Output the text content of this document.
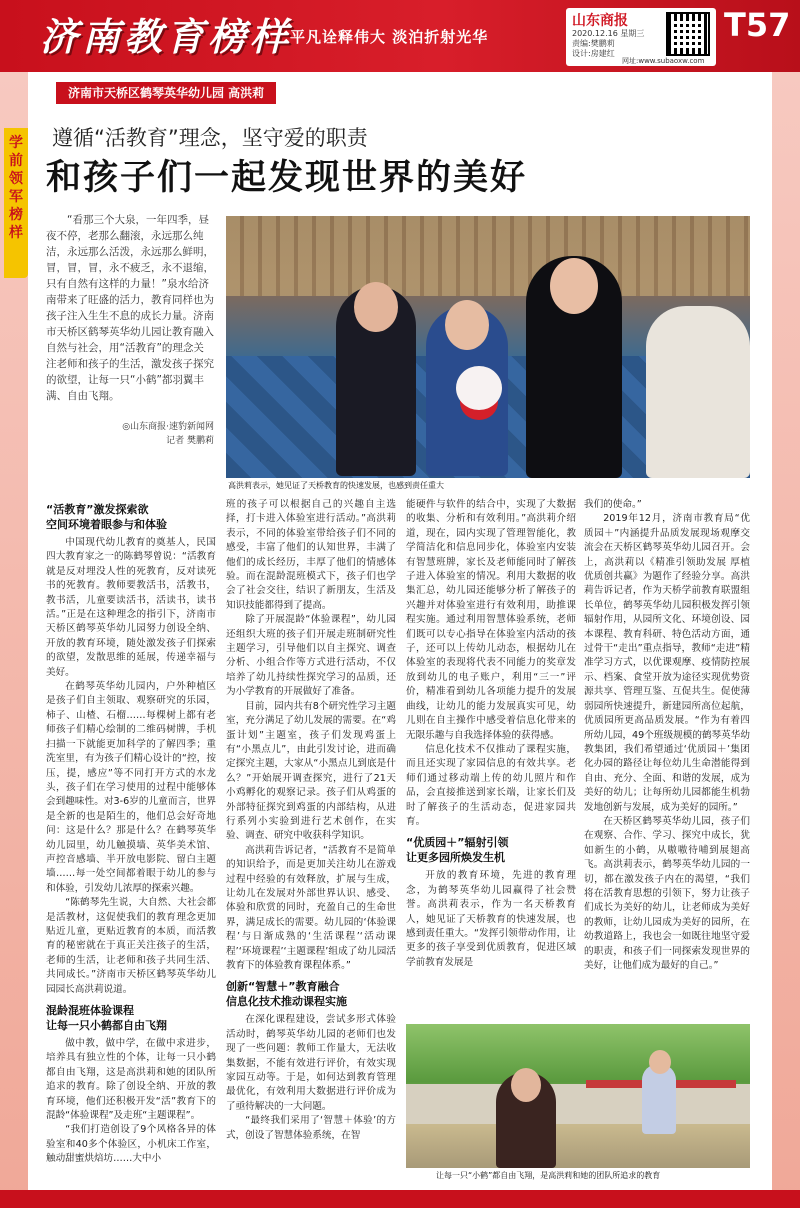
济南教育榜样
平凡诠释伟大 淡泊折射光华
山东商报
2020.12.16 星期三
责编:樊鹏莉
设计:房建红
网址:www.subaoxw.com
T57
学前领军榜样
济南市天桥区鹤琴英华幼儿园 高洪莉
遵循“活教育”理念，坚守爱的职责
和孩子们一起发现世界的美好
“看那三个大泉，一年四季，昼夜不停，老那么翻滚，永远那么纯洁，永远那么活泼，永远那么鲜明，冒，冒，冒，永不疲乏，永不退缩，只有自然有这样的力量！”泉水给济南带来了旺盛的活力，教育同样也为孩子注入生生不息的成长力量。济南市天桥区鹤琴英华幼儿园让教育融入自然与社会，用“活教育”的理念关注老师和孩子的生活，激发孩子探究的欲望，让每一只“小鹤”都羽翼丰满、自由飞翔。
◎山东商报·速豹新闻网
记者 樊鹏莉
高洪莉表示，她见证了天桥教育的快速发展，也感到责任重大
“活教育”激发探索欲
空间环境着眼参与和体验

中国现代幼儿教育的奠基人，民国四大教育家之一的陈鹤琴曾说：“活教育就是反对埋没人性的死教育，反对读死书的死教育。教师要教活书，活教书，教书活，儿童要读活书，活读书，读书活。”正是在这种理念的指引下，济南市天桥区鹤琴英华幼儿园努力创设全纳、开放的教育环境，随处激发孩子们探索的欲望，发散思维的延展，传递幸福与美好。

在鹤琴英华幼儿园内，户外种植区是孩子们自主领取、观察研究的乐园，柿子、山楂、石榴……每棵树上都有老师孩子们精心绘制的二维码树牌，手机扫描一下就能更加科学的了解四季；重洗室里，有为孩子们精心设计的“控，按压，提，感应”等不同打开方式的水龙头，孩子们在学习使用的过程中能够体会到趣味性。对3-6岁的儿童而言，世界是全新的也是陌生的，他们总会好奇地问：这是什么？那是什么？在鹤琴英华幼儿园里，幼儿触摸墙、英华美术馆、声控音感墙、半开放电影院、留白主题墙……每一处空间都着眼于幼儿的参与和体验，引发幼儿浓厚的探索兴趣。

“陈鹤琴先生说，大自然、大社会都是活教材，这促使我们的教育理念更加贴近儿童，更贴近教育的本质，而活教育的秘密就在于真正关注孩子的生活，老师的生活，让老师和孩子共同生活、共同成长。”济南市天桥区鹤琴英华幼儿园园长高洪莉说道。

混龄混班体验课程
让每一只小鹤都自由飞翔

做中教，做中学，在做中求进步，培养具有独立性的个体，让每一只小鹤都自由飞翔，这是高洪莉和她的团队所追求的教育。除了创设全纳、开放的教育环境，他们还积极开发“活”教育下的混龄“体验课程”及走班“主题课程”。

“我们打造创设了9个风格各异的体验室和40多个体验区，小机床工作室，触动甜蜜烘焙坊……大中小

班的孩子可以根据自己的兴趣自主选择，打卡进入体验室进行活动。”高洪莉表示，不同的体验室带给孩子们不同的感受，丰富了他们的认知世界，丰满了他们的成长经历，丰厚了他们的情感体验。而在混龄混班模式下，孩子们也学会了社会交往，结识了新朋友，生活及知识技能都得到了提高。

除了开展混龄“体验课程”，幼儿园还组织大班的孩子们开展走班制研究性主题学习，引导他们以自主探究、调查分析、小组合作等方式进行活动，不仅培养了幼儿持续性探究学习的品质，还为小学教育的开展做好了准备。

目前，园内共有8个研究性学习主题室，充分满足了幼儿发展的需要。在“鸡蛋计划”主题室，孩子们发现鸡蛋上有“小黑点儿”，由此引发讨论，进而确定探究主题，大家从“小黑点儿到底是什么？”开始展开调查探究，进行了21天小鸡孵化的观察记录。孩子们从鸡蛋的外部特征探究到鸡蛋的内部结构，从进行系列小实验到进行艺术创作，在实验、调查、研究中收获科学知识。

高洪莉告诉记者，“活教育不是简单的知识给予，而是更加关注幼儿在游戏过程中经验的有效释放，扩展与生成，让幼儿在发展对外部世界认识、感受、体验和欣赏的同时，充盈自己的生命世界，满足成长的需要。幼儿园的‘体验课程’与日渐成熟的‘生活课程’‘活动课程’‘环境课程’‘主题课程’组成了幼儿园活教育下的体验教育课程体系。”

创新“智慧＋”教育融合
信息化技术推动课程实施

在深化课程建设，尝试多形式体验活动时，鹤琴英华幼儿园的老师们也发现了一些问题：教师工作量大，无法收集数据，不能有效进行评价，有效实现家园互动等。于是，如何达到教育管理最优化，有效利用大数据进行评价成为了亟待解决的一大问题。

“最终我们采用了‘智慧＋体验’的方式，创设了智慧体验系统，在智

能硬件与软件的结合中，实现了大数据的收集、分析和有效利用。”高洪莉介绍道，现在，园内实现了管理智能化，教学简洁化和信息同步化，体验室内安装有智慧班牌，家长及老师能同时了解孩子进入体验室的情况。利用大数据的收集汇总，幼儿园还能够分析了解孩子的兴趣并对体验室进行有效利用，助推课程实施。通过利用智慧体验系统，老师们既可以专心指导在体验室内活动的孩子，还可以上传幼儿动态，根据幼儿在体验室的表现将代表不同能力的奖章发放到幼儿的电子账户，利用“三一”评价，精准看到幼儿各项能力提升的发展曲线，让幼儿的能力发展真实可见，幼儿则在自主操作中感受着信息化带来的无限乐趣与自我选择体验的获得感。

信息化技术不仅推动了课程实施，而且还实现了家园信息的有效共享。老师们通过移动端上传的幼儿照片和作品，会直接推送到家长端，让家长们及时了解孩子的生活动态，促进家园共育。

“优质园＋”辐射引领
让更多园所焕发生机

开放的教育环境，先进的教育理念，为鹤琴英华幼儿园赢得了社会赞誉。高洪莉表示，作为一名天桥教育人，她见证了天桥教育的快速发展，也感到责任重大。“发挥引领带动作用，让更多的孩子享受到优质教育，促进区域学前教育发展是

我们的使命。”

2019年12月，济南市教育局“优质园＋”内涵提升品质发展现场观摩交流会在天桥区鹤琴英华幼儿园召开。会上，高洪莉以《精准引领助发展 厚植优质创共赢》为题作了经验分享。高洪莉告诉记者，作为天桥学前教育联盟组长单位，鹤琴英华幼儿园积极发挥引领辐射作用，从园所文化、环境创设、园本课程、教育科研、特色活动方面，通过骨干“走出”重点指导，教师“走进”精准学习方式，以优课观摩、疫情防控展示、档案、食堂开放为途径实现优势资源共享、管理互鉴、互促共生。促使薄弱园所快速提升，新建园所高位起航，优质园所更高品质发展。“作为有着四所幼儿园，49个班级规模的鹤琴英华幼教集团，我们希望通过‘优质园＋’集团化办园的路径让每位幼儿生命潜能得到自由、充分、全面、和谐的发展，成为美好的幼儿；让每所幼儿园都能生机勃发地创新与发展，成为美好的园所。”

在天桥区鹤琴英华幼儿园，孩子们在观察、合作、学习、探究中成长，犹如新生的小鹤，从嗷嗷待哺到展翅高飞。高洪莉表示，鹤琴英华幼儿园的一切，都在激发孩子内在的渴望，“我们将在活教育思想的引领下，努力让孩子们成长为美好的幼儿，让老师成为美好的教师，让幼儿园成为美好的园所，在幼教道路上，我也会一如既往地坚守爱的职责，和孩子们一同探索发现世界的美好，让他们成为最好的自己。”

让每一只“小鹤”都自由飞翔，是高洪莉和她的团队所追求的教育
